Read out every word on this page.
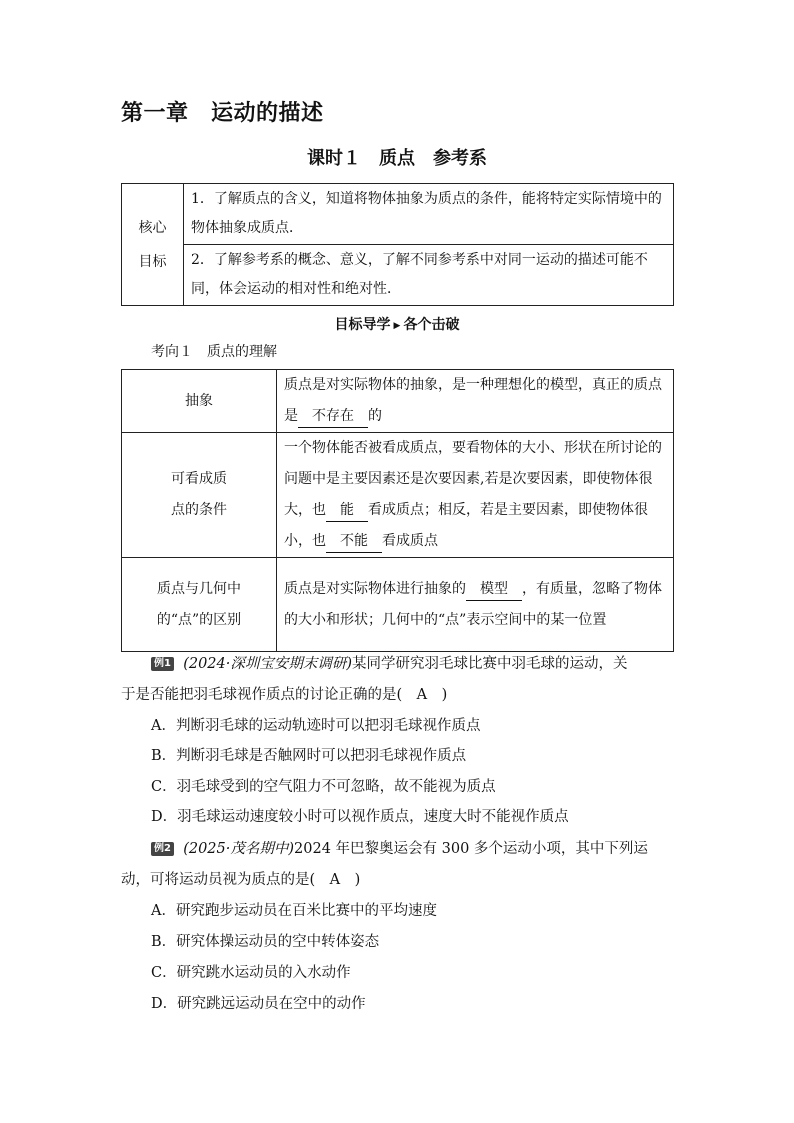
第一章　运动的描述
课时１　质点　参考系
核心
目标
	1．了解质点的含义，知道将物体抽象为质点的条件，能将特定实际情境中的物体抽象成质点．
2．了解参考系的概念、意义，了解不同参考系中对同一运动的描述可能不同，体会运动的相对性和绝对性．
目标导学 ▶ 各个击破
考向１　质点的理解
抽象	质点是对实际物体的抽象，是一种理想化的模型，真正的质点是 不存在 的

可看成质
点的条件	一个物体能否被看成质点，要看物体的大小、形状在所讨论的问题中是主要因素还是次要因素,若是次要因素，即使物体很大，也 能 看成质点；相反，若是主要因素，即使物体很小，也 不能 看成质点

质点与几何中
的“点”的区别	质点是对实际物体进行抽象的 模型 ，有质量，忽略了物体的大小和形状；几何中的“点”表示空间中的某一位置
例1 (2024·深圳宝安期末调研)某同学研究羽毛球比赛中羽毛球的运动，关
于是否能把羽毛球视作质点的讨论正确的是(　A　)
A．判断羽毛球的运动轨迹时可以把羽毛球视作质点
B．判断羽毛球是否触网时可以把羽毛球视作质点
C．羽毛球受到的空气阻力不可忽略，故不能视为质点
D．羽毛球运动速度较小时可以视作质点，速度大时不能视作质点
例2 (2025·茂名期中)2024 年巴黎奥运会有 300 多个运动小项，其中下列运
动，可将运动员视为质点的是(　A　)
A．研究跑步运动员在百米比赛中的平均速度
B．研究体操运动员的空中转体姿态
C．研究跳水运动员的入水动作
D．研究跳远运动员在空中的动作
